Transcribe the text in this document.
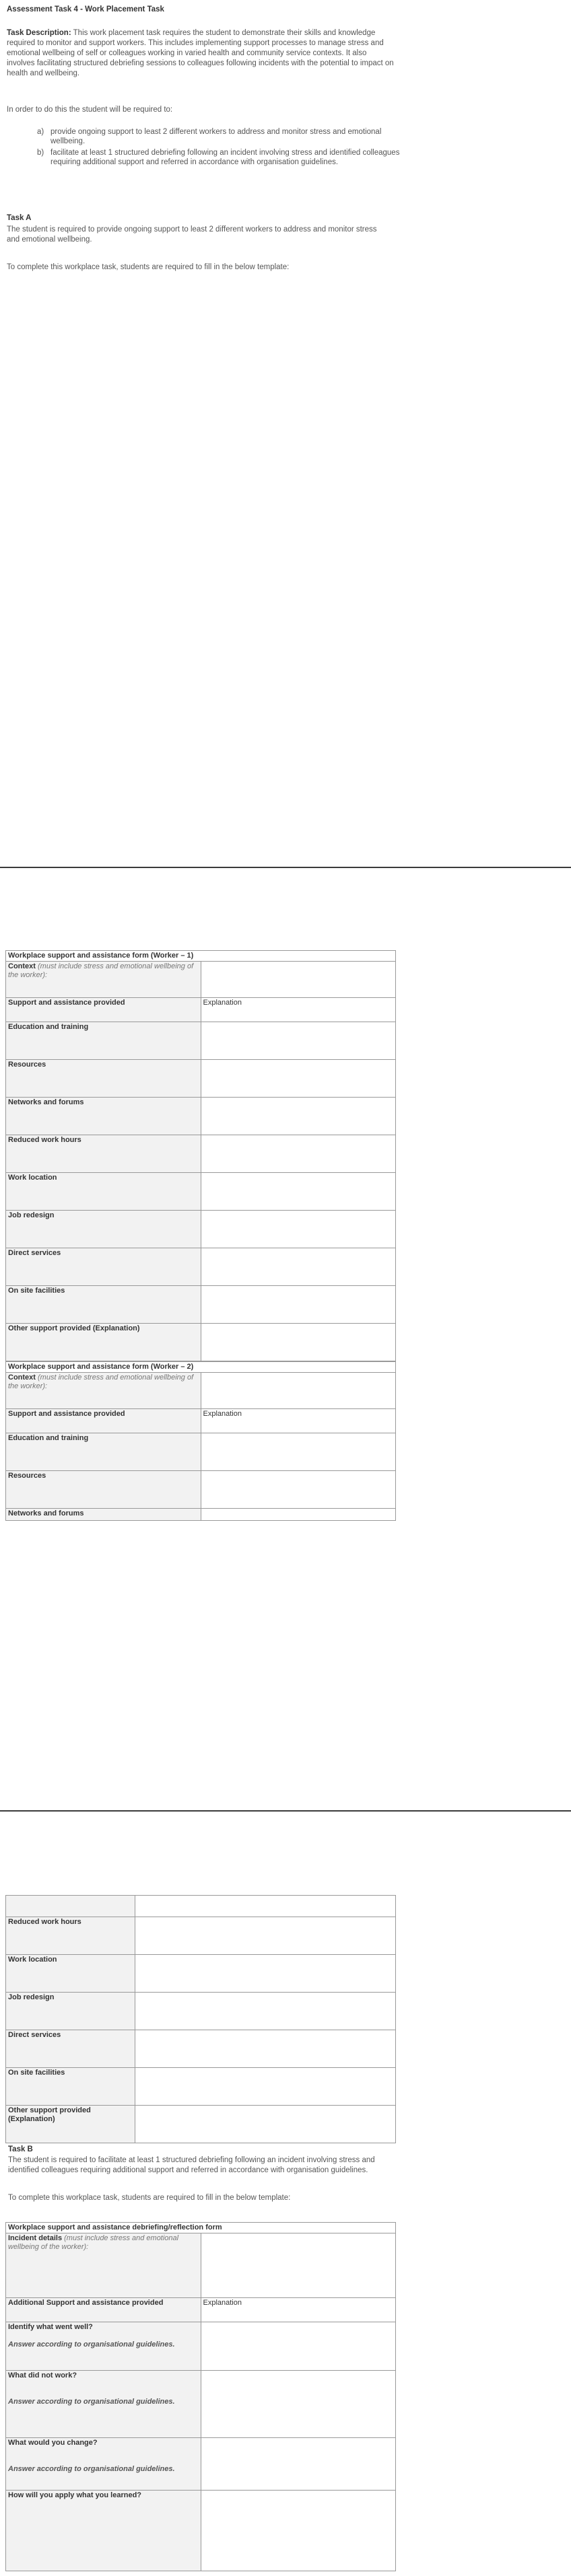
Assessment Task 4 - Work Placement Task
Task Description: This work placement task requires the student to demonstrate their skills and knowledge required to monitor and support workers. This includes implementing support processes to manage stress and emotional wellbeing of self or colleagues working in varied health and community service contexts. It also involves facilitating structured debriefing sessions to colleagues following incidents with the potential to impact on health and wellbeing.
In order to do this the student will be required to:
a) provide ongoing support to least 2 different workers to address and monitor stress and emotional wellbeing.
b) facilitate at least 1 structured debriefing following an incident involving stress and identified colleagues requiring additional support and referred in accordance with organisation guidelines.
Task A
The student is required to provide ongoing support to least 2 different workers to address and monitor stress and emotional wellbeing.
To complete this workplace task, students are required to fill in the below template:
Workplace support and assistance form (Worker – 1)	
Context (must include stress and emotional wellbeing of the worker):	
Support and assistance provided	Explanation
Education and training	
Resources	
Networks and forums	
Reduced work hours	
Work location	
Job redesign	
Direct services	
On site facilities	
Other support provided (Explanation)	
Workplace support and assistance form (Worker – 2)	
Context (must include stress and emotional wellbeing of the worker):	
Support and assistance provided	Explanation
Education and training	
Resources	
Networks and forums	

Reduced work hours	
Work location	
Job redesign	
Direct services	
On site facilities	
Other support provided (Explanation)	
Task B
The student is required to facilitate at least 1 structured debriefing following an incident involving stress and identified colleagues requiring additional support and referred in accordance with organisation guidelines.
To complete this workplace task, students are required to fill in the below template:
Workplace support and assistance debriefing/reflection form	
Incident details (must include stress and emotional wellbeing of the worker):	
Additional Support and assistance provided	Explanation
Identify what went well?

Answer according to organisational guidelines.	
What did not work?

Answer according to organisational guidelines.	
What would you change?

Answer according to organisational guidelines.	
How will you apply what you learned?	
